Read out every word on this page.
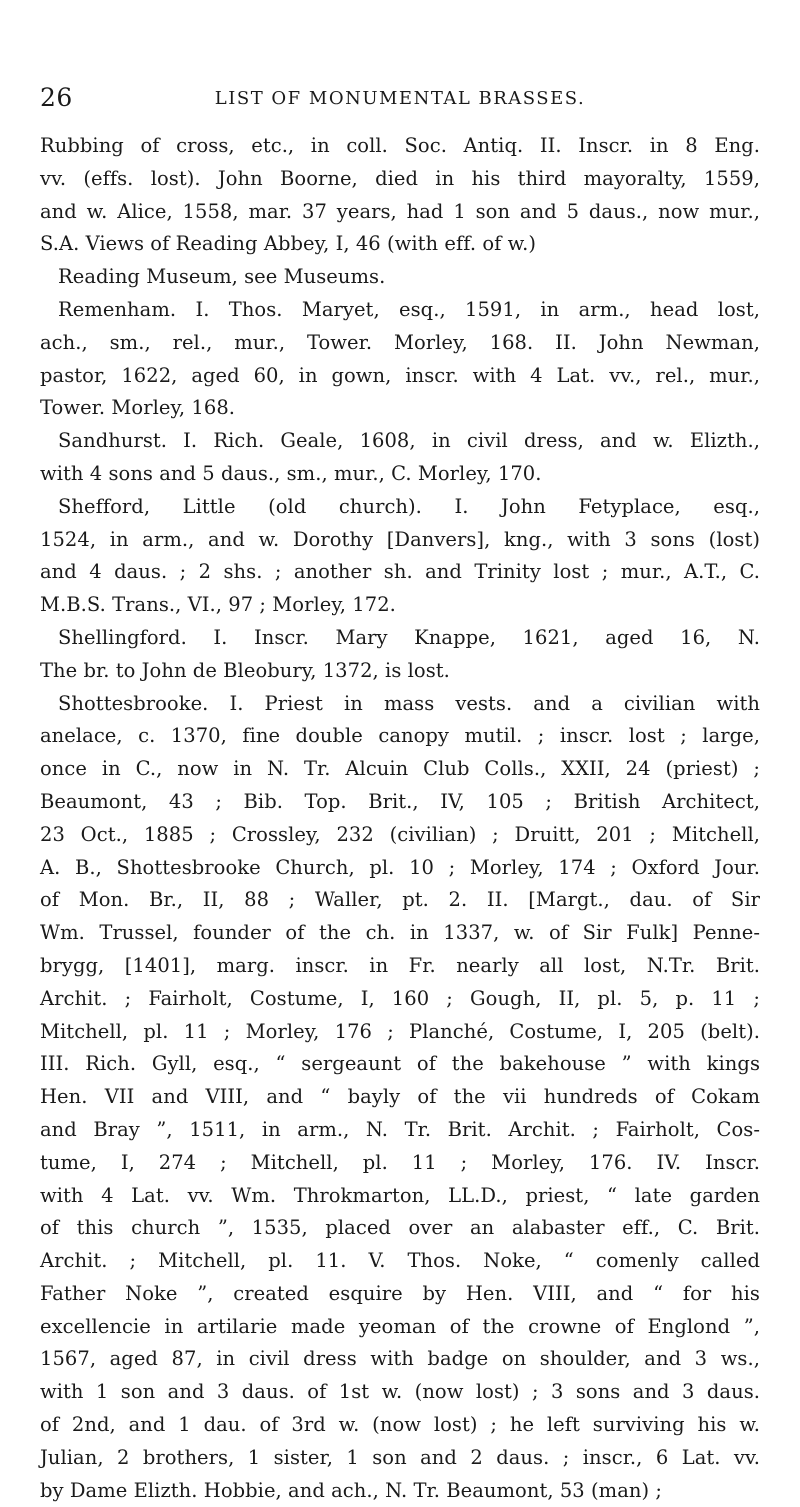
26	LIST OF MONUMENTAL BRASSES.
Rubbing of cross, etc., in coll. Soc. Antiq. II. Inscr. in 8 Eng.
vv. (effs. lost). John Boorne, died in his third mayoralty, 1559,
and w. Alice, 1558, mar. 37 years, had 1 son and 5 daus., now mur.,
S.A. Views of Reading Abbey, I, 46 (with eff. of w.)
Reading Museum, see Museums.
Remenham. I. Thos. Maryet, esq., 1591, in arm., head lost,
ach., sm., rel., mur., Tower. Morley, 168. II. John Newman,
pastor, 1622, aged 60, in gown, inscr. with 4 Lat. vv., rel., mur.,
Tower. Morley, 168.
Sandhurst. I. Rich. Geale, 1608, in civil dress, and w. Elizth.,
with 4 sons and 5 daus., sm., mur., C. Morley, 170.
Shefford, Little (old church). I. John Fetyplace, esq.,
1524, in arm., and w. Dorothy [Danvers], kng., with 3 sons (lost)
and 4 daus. ; 2 shs. ; another sh. and Trinity lost ; mur., A.T., C.
M.B.S. Trans., VI., 97 ; Morley, 172.
Shellingford. I. Inscr. Mary Knappe, 1621, aged 16, N.
The br. to John de Bleobury, 1372, is lost.
Shottesbrooke. I. Priest in mass vests. and a civilian with
anelace, c. 1370, fine double canopy mutil. ; inscr. lost ; large,
once in C., now in N. Tr. Alcuin Club Colls., XXII, 24 (priest) ;
Beaumont, 43 ; Bib. Top. Brit., IV, 105 ; British Architect,
23 Oct., 1885 ; Crossley, 232 (civilian) ; Druitt, 201 ; Mitchell,
A. B., Shottesbrooke Church, pl. 10 ; Morley, 174 ; Oxford Jour.
of Mon. Br., II, 88 ; Waller, pt. 2. II. [Margt., dau. of Sir
Wm. Trussel, founder of the ch. in 1337, w. of Sir Fulk] Penne-
brygg, [1401], marg. inscr. in Fr. nearly all lost, N.Tr. Brit.
Archit. ; Fairholt, Costume, I, 160 ; Gough, II, pl. 5, p. 11 ;
Mitchell, pl. 11 ; Morley, 176 ; Planché, Costume, I, 205 (belt).
III. Rich. Gyll, esq., “ sergeaunt of the bakehouse ” with kings
Hen. VII and VIII, and “ bayly of the vii hundreds of Cokam
and Bray ”, 1511, in arm., N. Tr. Brit. Archit. ; Fairholt, Cos-
tume, I, 274 ; Mitchell, pl. 11 ; Morley, 176. IV. Inscr.
with 4 Lat. vv. Wm. Throkmarton, LL.D., priest, “ late garden
of this church ”, 1535, placed over an alabaster eff., C. Brit.
Archit. ; Mitchell, pl. 11. V. Thos. Noke, “ comenly called
Father Noke ”, created esquire by Hen. VIII, and “ for his
excellencie in artilarie made yeoman of the crowne of Englond ”,
1567, aged 87, in civil dress with badge on shoulder, and 3 ws.,
with 1 son and 3 daus. of 1st w. (now lost) ; 3 sons and 3 daus.
of 2nd, and 1 dau. of 3rd w. (now lost) ; he left surviving his w.
Julian, 2 brothers, 1 sister, 1 son and 2 daus. ; inscr., 6 Lat. vv.
by Dame Elizth. Hobbie, and ach., N. Tr. Beaumont, 53 (man) ;
